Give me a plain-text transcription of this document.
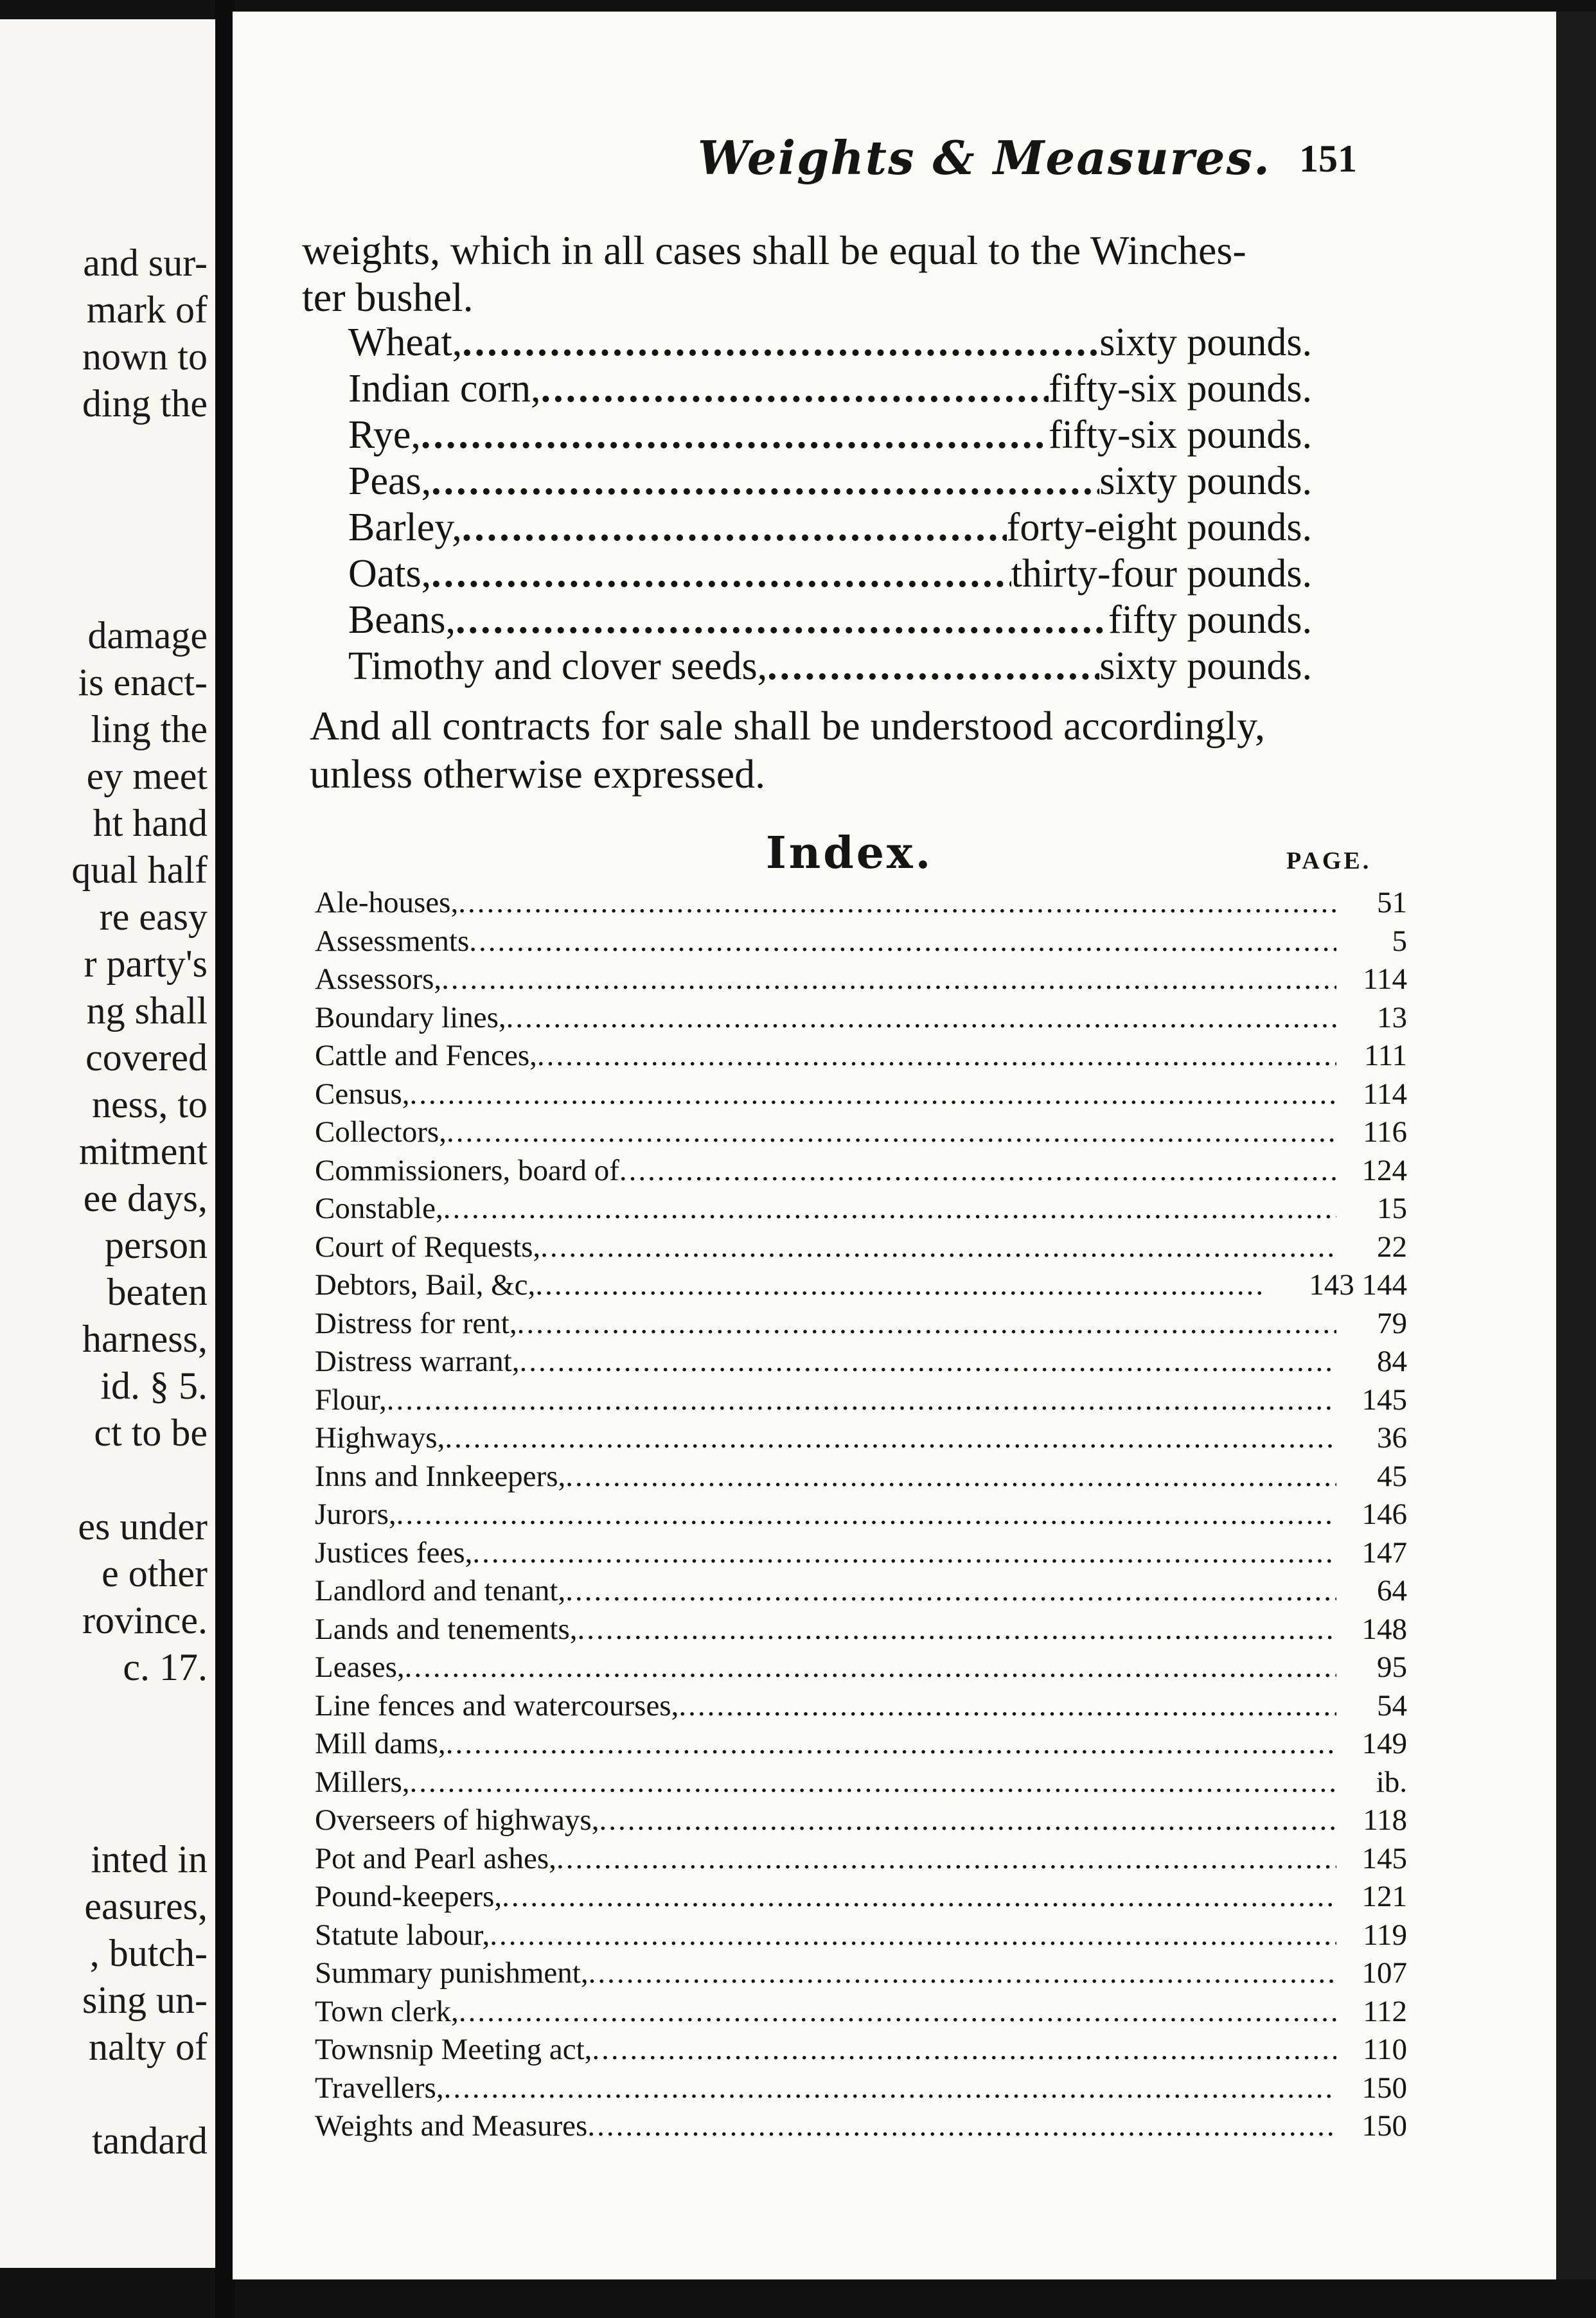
and sur-
mark of
nown to
ding the
damage
is enact-
ling the
ey meet
ht hand
qual half
re easy
r party's
ng shall
covered
ness, to
mitment
ee days,
person
beaten
harness,
id. § 5.
ct to be
es under
e other
rovince.
c. 17.
inted in
easures,
, butch-
sing un-
nalty of
tandard
Weights & Measures. 151
weights, which in all cases shall be equal to the Winches-
ter bushel.
Wheat, .....	sixty pounds.
Indian corn, .....	fifty-six pounds.
Rye, .....	fifty-six pounds.
Peas, .....	sixty pounds.
Barley, .....	forty-eight pounds.
Oats, .....	thirty-four pounds.
Beans, .....	fifty pounds.
Timothy and clover seeds, .....	sixty pounds.
And all contracts for sale shall be understood accordingly,
unless otherwise expressed.
Index.	PAGE.
Ale-houses, .....	51
Assessments .....	5
Assessors, .....	114
Boundary lines, .....	13
Cattle and Fences, .....	111
Census, .....	114
Collectors, .....	116
Commissioners, board of .....	124
Constable, .....	15
Court of Requests, .....	22
Debtors, Bail, &c, .....	143 144
Distress for rent, .....	79
Distress warrant, .....	84
Flour, .....	145
Highways, .....	36
Inns and Innkeepers, .....	45
Jurors, .....	146
Justices fees, .....	147
Landlord and tenant, .....	64
Lands and tenements, .....	148
Leases, .....	95
Line fences and watercourses, .....	54
Mill dams, .....	149
Millers, .....	ib.
Overseers of highways, .....	118
Pot and Pearl ashes, .....	145
Pound-keepers, .....	121
Statute labour, .....	119
Summary punishment, .....	107
Town clerk, .....	112
Townsnip Meeting act, .....	110
Travellers, .....	150
Weights and Measures .....	150
